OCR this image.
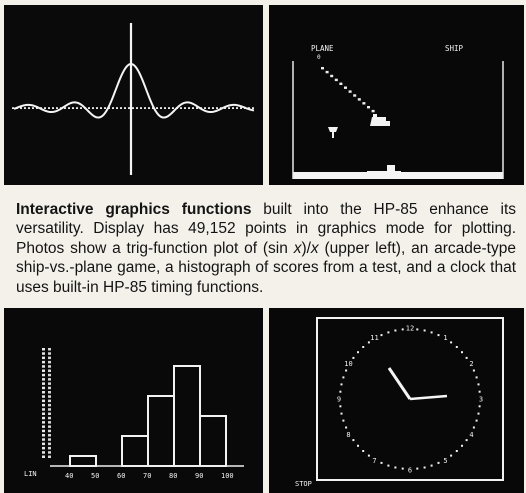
PLANE
0
SHIP

Interactive graphics functions built into the HP-85 enhance its versatility. Display has 49,152 points in graphics mode for plotting. Photos show a trig-function plot of (sin x)/x (upper left), an arcade-type ship-vs.-plane game, a histograph of scores from a test, and a clock that uses built-in HP-85 timing functions.

40	50	60	70	80	90	100
LIN
12
1
2
3
4
5
6
7
8
9
10
11
STOP
